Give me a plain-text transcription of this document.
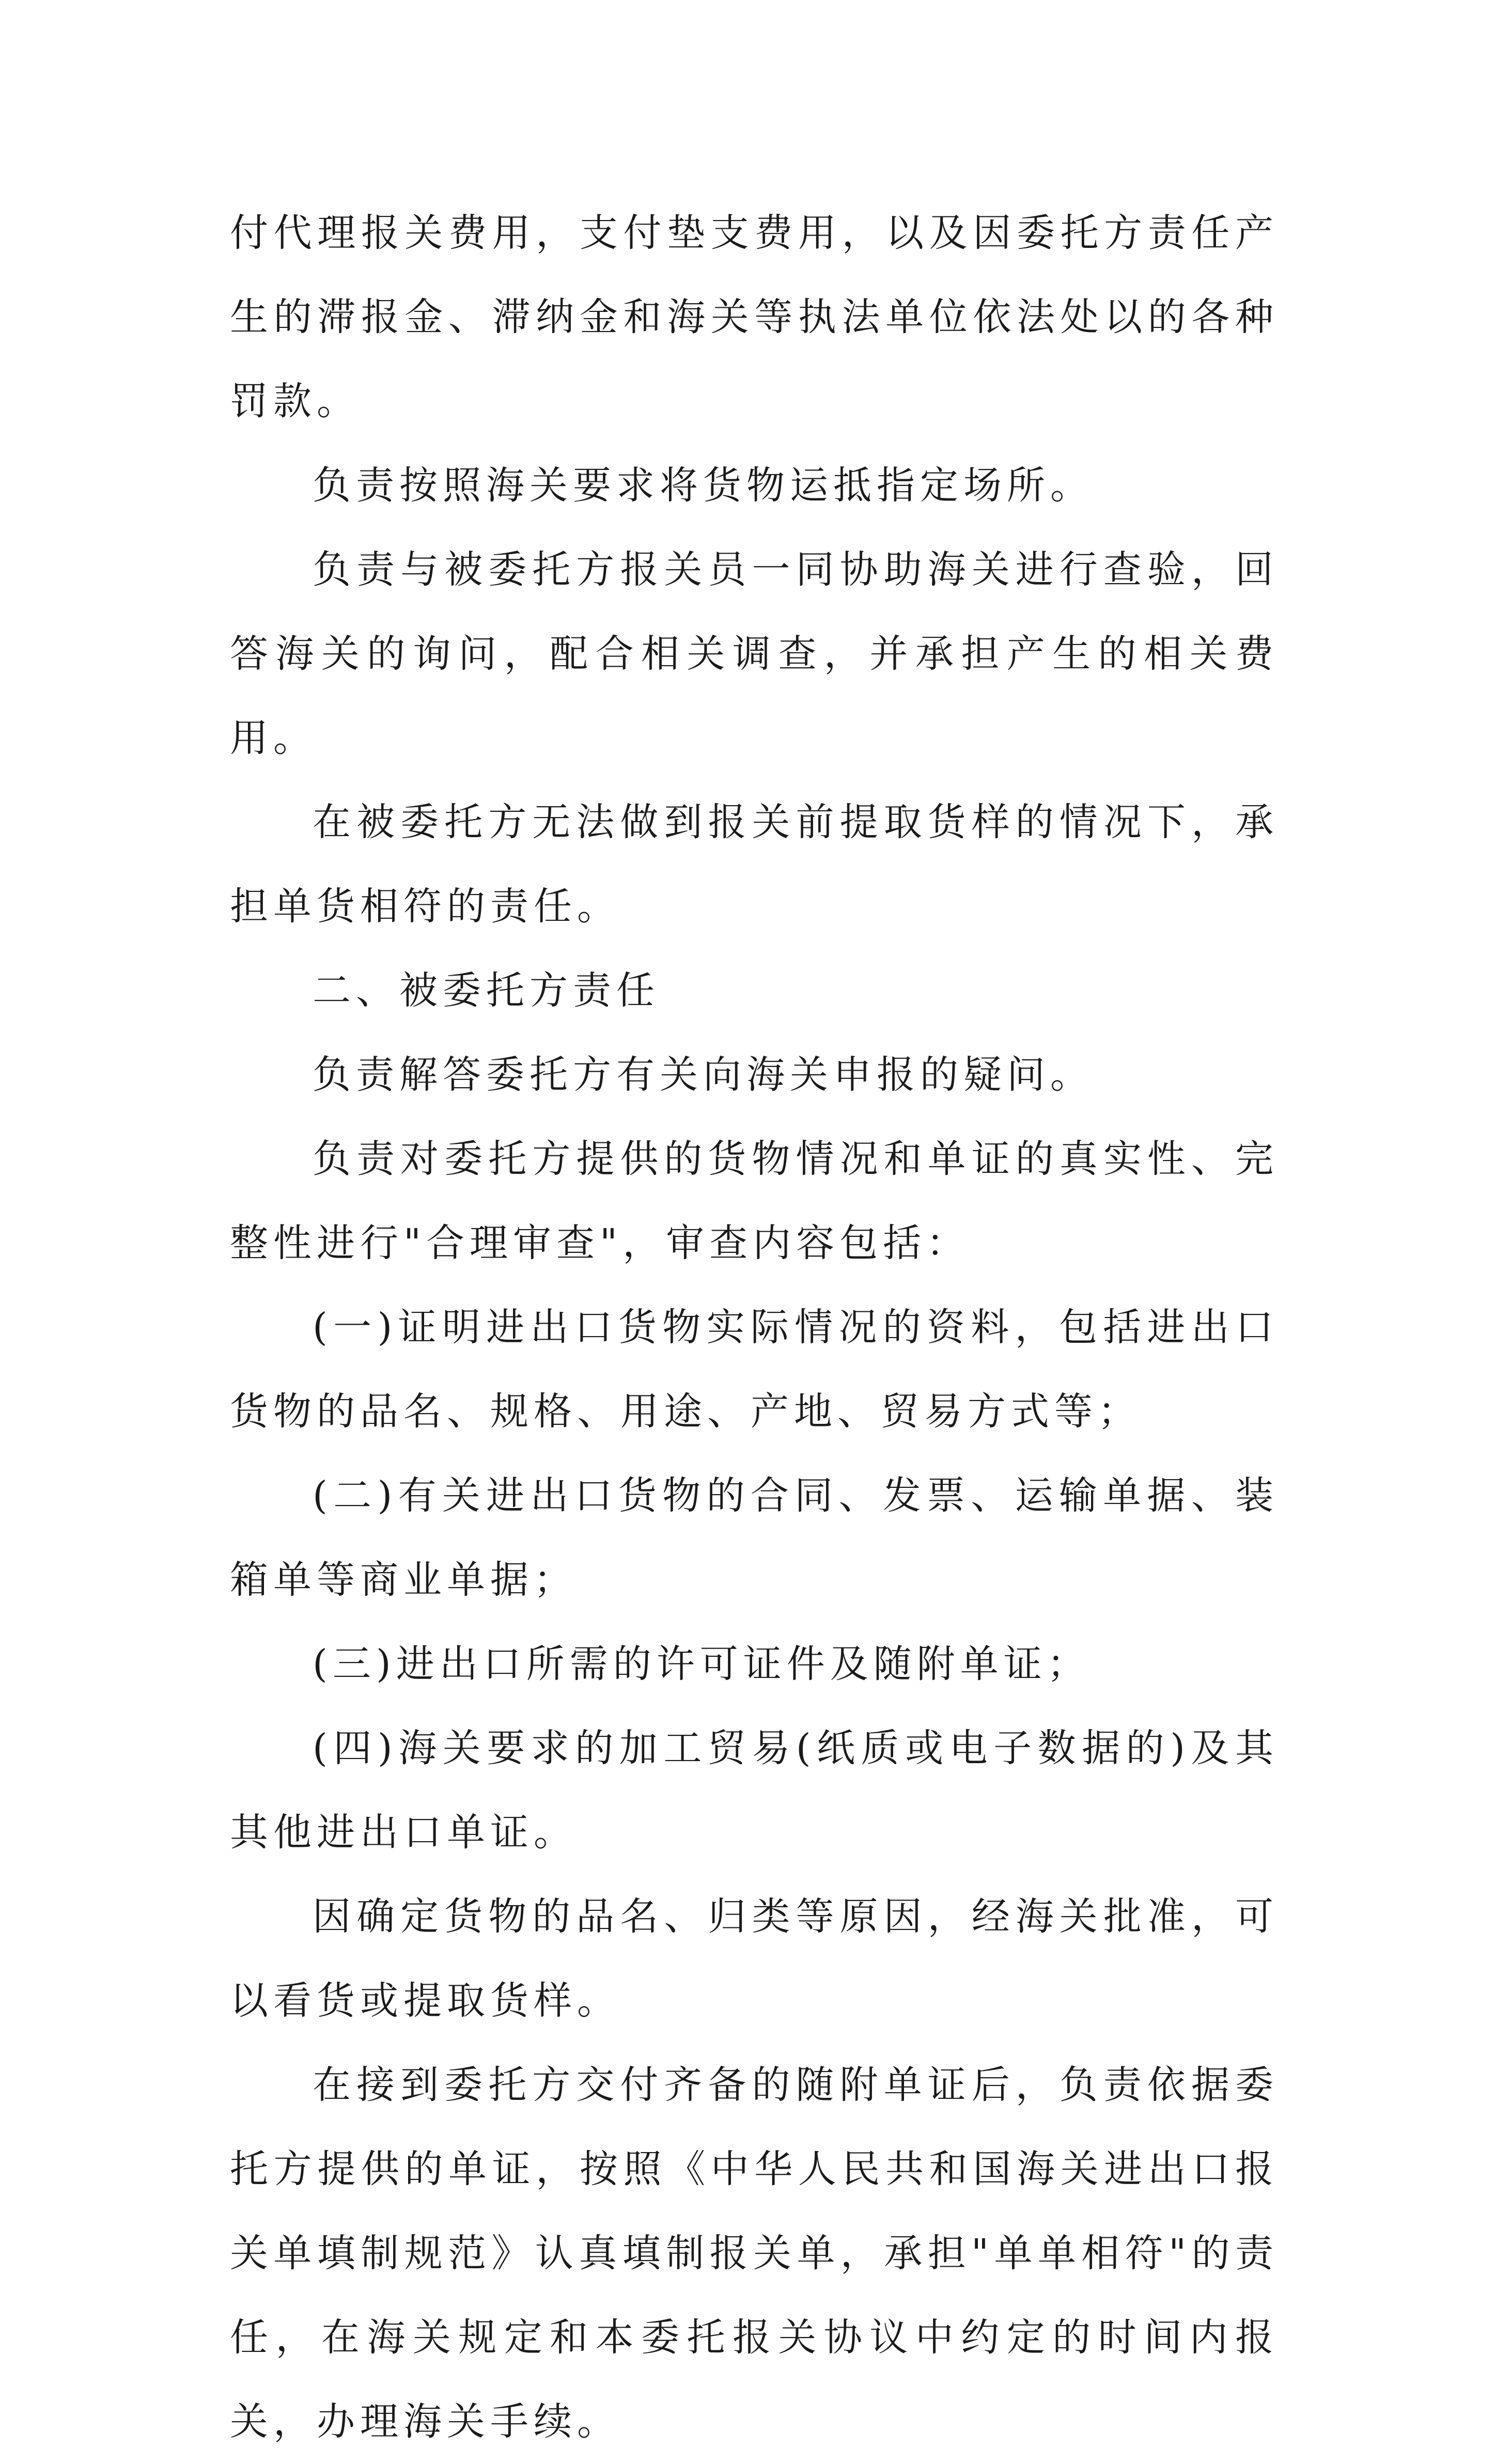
付代理报关费用，支付垫支费用，以及因委托方责任产生的滞报金、滞纳金和海关等执法单位依法处以的各种罚款。

负责按照海关要求将货物运抵指定场所。

负责与被委托方报关员一同协助海关进行查验，回答海关的询问，配合相关调查，并承担产生的相关费用。

在被委托方无法做到报关前提取货样的情况下，承担单货相符的责任。

二、被委托方责任

负责解答委托方有关向海关申报的疑问。

负责对委托方提供的货物情况和单证的真实性、完整性进行"合理审查"，审查内容包括：

(一)证明进出口货物实际情况的资料，包括进出口货物的品名、规格、用途、产地、贸易方式等；

(二)有关进出口货物的合同、发票、运输单据、装箱单等商业单据；

(三)进出口所需的许可证件及随附单证；

(四)海关要求的加工贸易(纸质或电子数据的)及其其他进出口单证。

因确定货物的品名、归类等原因，经海关批准，可以看货或提取货样。

在接到委托方交付齐备的随附单证后，负责依据委托方提供的单证，按照《中华人民共和国海关进出口报关单填制规范》认真填制报关单，承担"单单相符"的责任，在海关规定和本委托报关协议中约定的时间内报关，办理海关手续。
